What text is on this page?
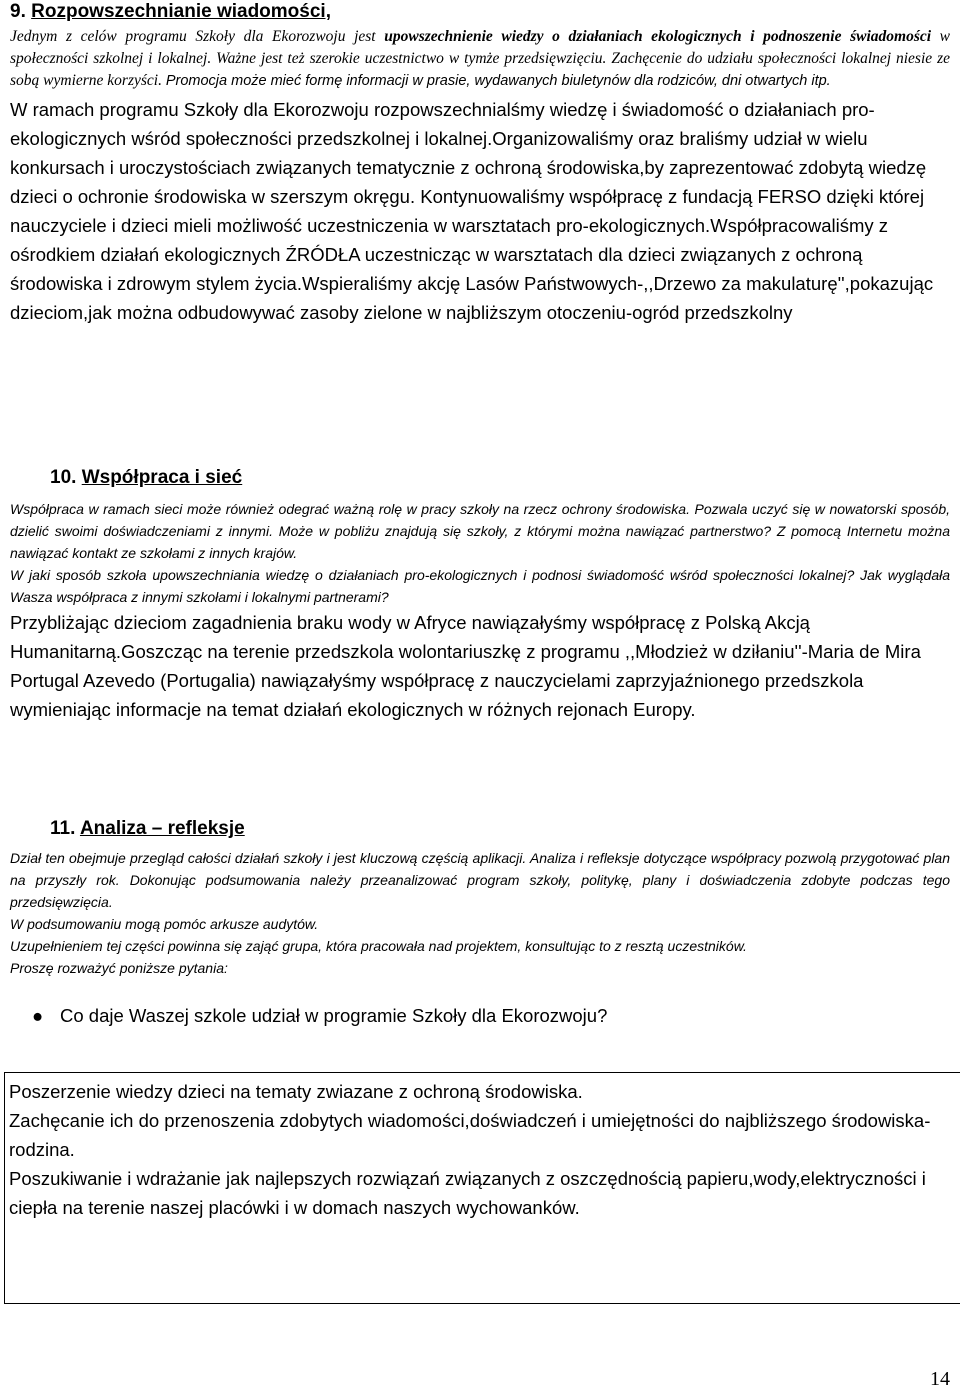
9. Rozpowszechnianie wiadomości,

Jednym z celów programu Szkoły dla Ekorozwoju jest upowszechnienie wiedzy o działaniach ekologicznych i podnoszenie świadomości w społeczności szkolnej i lokalnej. Ważne jest też szerokie uczestnictwo w tymże przedsięwzięciu. Zachęcenie do udziału społeczności lokalnej niesie ze sobą wymierne korzyści. Promocja może mieć formę informacji w prasie, wydawanych biuletynów dla rodziców, dni otwartych itp.

W ramach programu Szkoły dla Ekorozwoju rozpowszechnialśmy wiedzę i świadomość o działaniach pro-ekologicznych wśród społeczności przedszkolnej i lokalnej.Organizowaliśmy oraz braliśmy udział w wielu konkursach i uroczystościach związanych tematycznie z ochroną środowiska,by zaprezentować zdobytą wiedzę dzieci o ochronie środowiska w szerszym okręgu. Kontynuowaliśmy współpracę z fundacją FERSO dzięki której nauczyciele i dzieci mieli możliwość uczestniczenia w warsztatach pro-ekologicznych.Współpracowaliśmy z ośrodkiem działań ekologicznych ŹRÓDŁA uczestnicząc w warsztatach dla dzieci związanych z ochroną środowiska i zdrowym stylem życia.Wspieraliśmy akcję Lasów Państwowych-,,Drzewo za makulaturę'',pokazując dzieciom,jak można odbudowywać zasoby zielone w najbliższym otoczeniu-ogród przedszkolny

10. Współpraca i sieć

Współpraca w ramach sieci może również odegrać ważną rolę w pracy szkoły na rzecz ochrony środowiska. Pozwala uczyć się w nowatorski sposób, dzielić swoimi doświadczeniami z innymi. Może w pobliżu znajdują się szkoły, z którymi można nawiązać partnerstwo? Z pomocą Internetu można nawiązać kontakt ze szkołami z innych krajów.

W jaki sposób szkoła upowszechniania wiedzę o działaniach pro-ekologicznych i podnosi świadomość wśród społeczności lokalnej? Jak wyglądała Wasza współpraca z innymi szkołami i lokalnymi partnerami?

Przybliżając dzieciom zagadnienia braku wody w Afryce nawiązałyśmy współpracę z Polską Akcją Humanitarną.Goszcząc na terenie przedszkola wolontariuszkę z programu ,,Młodzież w dziłaniu''-Maria de Mira Portugal Azevedo (Portugalia) nawiązałyśmy współpracę z nauczycielami zaprzyjaźnionego przedszkola wymieniając informacje na temat działań ekologicznych w różnych rejonach Europy.

11. Analiza – refleksje

Dział ten obejmuje przegląd całości działań szkoły i jest kluczową częścią aplikacji. Analiza i refleksje dotyczące współpracy pozwolą przygotować plan na przyszły rok. Dokonując podsumowania należy przeanalizować program szkoły, politykę, plany i doświadczenia zdobyte podczas tego przedsięwzięcia.

W podsumowaniu mogą pomóc arkusze audytów.

Uzupełnieniem tej części powinna się zająć grupa, która pracowała nad projektem, konsultując to z resztą uczestników.

Proszę rozważyć poniższe pytania:

● Co daje Waszej szkole udział w programie Szkoły dla Ekorozwoju?

Poszerzenie wiedzy dzieci na tematy zwiazane z ochroną środowiska.

Zachęcanie ich do przenoszenia zdobytych wiadomości,doświadczeń i umiejętności do najbliższego środowiska-rodzina.

Poszukiwanie i wdrażanie jak najlepszych rozwiązań związanych z oszczędnością papieru,wody,elektryczności i ciepła na terenie naszej placówki i w domach naszych wychowanków.

14
